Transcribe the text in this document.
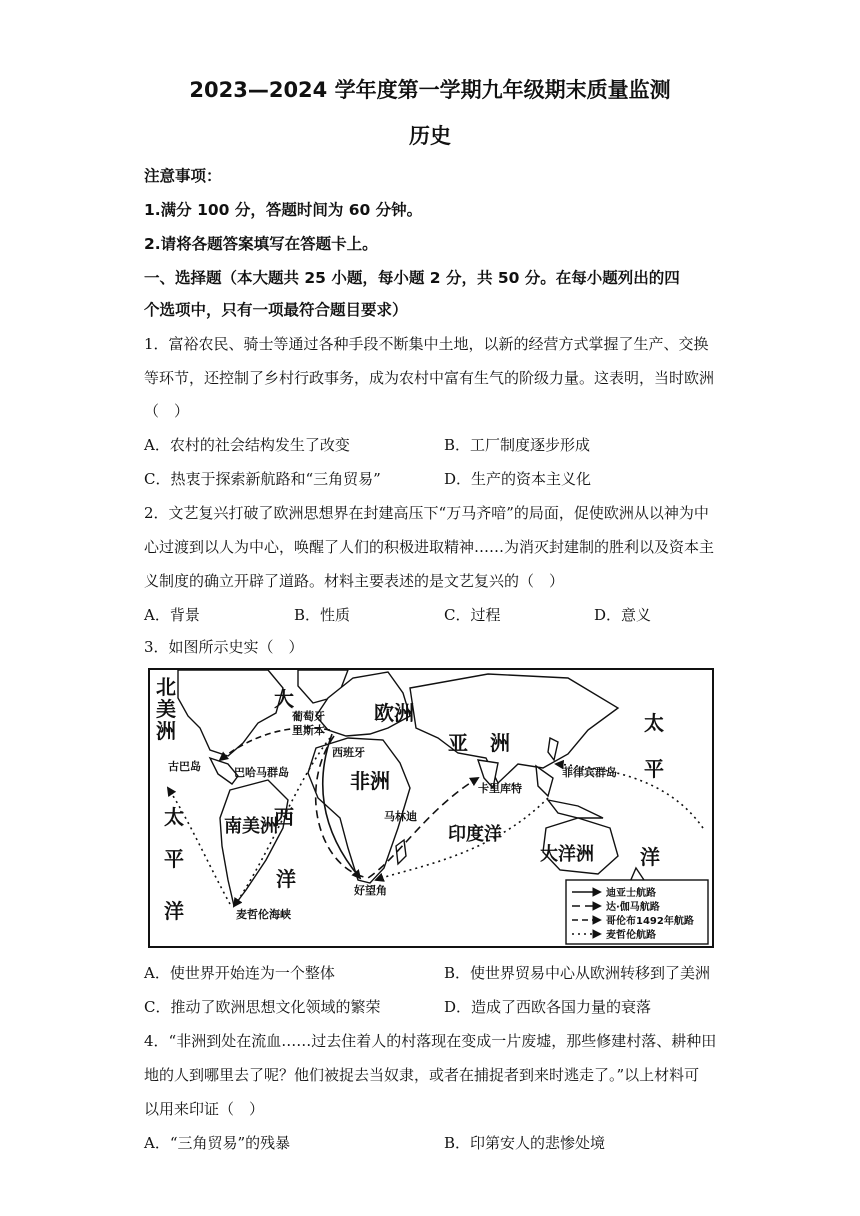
2023—2024 学年度第一学期九年级期末质量监测
历史
注意事项：
1.满分 100 分，答题时间为 60 分钟。
2.请将各题答案填写在答题卡上。
一、选择题（本大题共 25 小题，每小题 2 分，共 50 分。在每小题列出的四
个选项中，只有一项最符合题目要求）
1．富裕农民、骑士等通过各种手段不断集中土地，以新的经营方式掌握了生产、交换
等环节，还控制了乡村行政事务，成为农村中富有生气的阶级力量。这表明，当时欧洲
（　）
A．农村的社会结构发生了改变	B．工厂制度逐步形成
C．热衷于探索新航路和“三角贸易”	D．生产的资本主义化
2．文艺复兴打破了欧洲思想界在封建高压下“万马齐喑”的局面，促使欧洲从以神为中
心过渡到以人为中心，唤醒了人们的积极进取精神……为消灭封建制的胜利以及资本主
义制度的确立开辟了道路。材料主要表述的是文艺复兴的（　）
A．背景	B．性质	C．过程	D．意义
3．如图所示史实（　）
北
美
洲
大
西
洋
欧洲
亚 洲
非洲
南美洲	印度洋
大洋洲
太
平
洋
太
平
洋
葡萄牙
里斯本
西班牙
古巴岛	巴哈马群岛	菲律宾群岛
卡里库特
马林迪
好望角
麦哲伦海峡
迪亚士航路
达·伽马航路
哥伦布1492年航路
麦哲伦航路
A．使世界开始连为一个整体	B．使世界贸易中心从欧洲转移到了美洲
C．推动了欧洲思想文化领域的繁荣	D．造成了西欧各国力量的衰落
4．“非洲到处在流血……过去住着人的村落现在变成一片废墟，那些修建村落、耕种田
地的人到哪里去了呢？他们被捉去当奴隶，或者在捕捉者到来时逃走了。”以上材料可
以用来印证（　）
A．“三角贸易”的残暴	B．印第安人的悲惨处境
